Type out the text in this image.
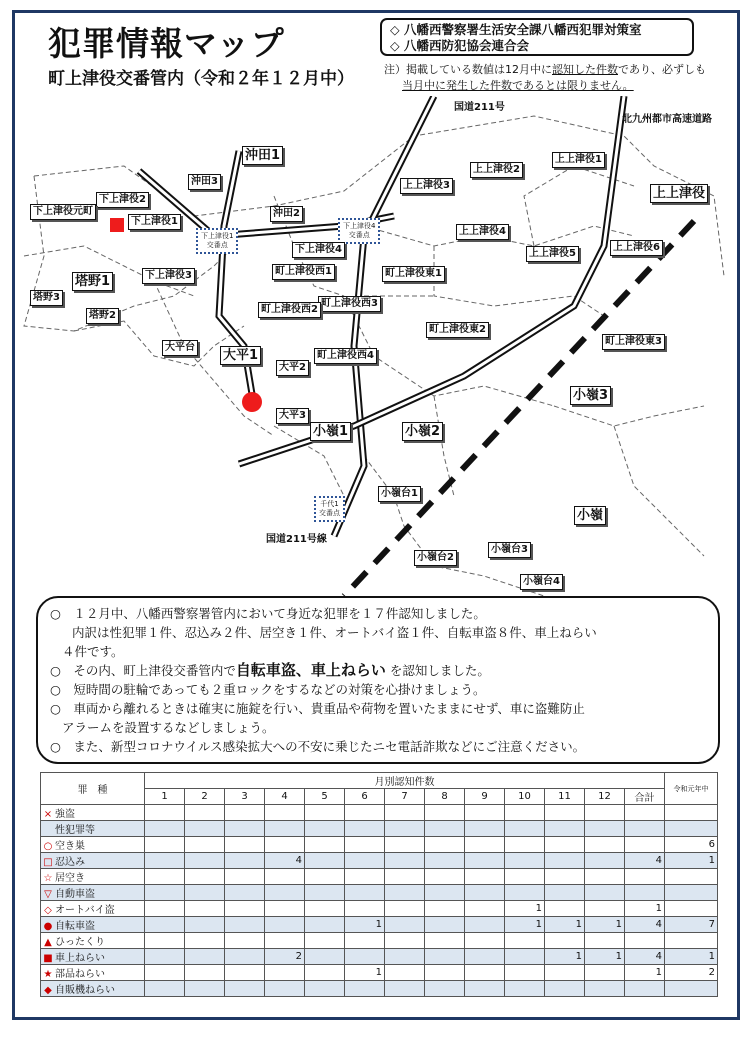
犯罪情報マップ
町上津役交番管内（令和２年１２月中）
◇ 八幡西警察署生活安全課八幡西犯罪対策室
◇ 八幡西防犯協会連合会
注）掲載している数値は12月中に認知した件数であり、必ずしも
当月中に発生した件数であるとは限りません。
国道211号
国道211号線
北九州都市高速道路
下上津役1
交番点
下上津役4
交番点
千代1
交番点
沖田1
沖田3
沖田2
下上津役2
下上津役元町
下上津役1
上上津役3
上上津役2
上上津役1
上上津役
上上津役4
下上津役4	上上津役5
上上津役6
町上津役西1	町上津役東1
塔野1
塔野3
下上津役3
町上津役西3
町上津役西2
塔野2
町上津役東2
町上津役東3
大平台
大平1	町上津役西4
大平2
小嶺3
大平3
小嶺1	小嶺2
小嶺台1
小嶺
小嶺台2
小嶺台3
小嶺台4

○　１２月中、八幡西警察署管内において身近な犯罪を１７件認知しました。

内訳は性犯罪１件、忍込み２件、居空き１件、オートバイ盗１件、自転車盗８件、車上ねらい

４件です。

○　その内、町上津役交番管内で自転車盗、車上ねらい を認知しました。

○　短時間の駐輪であっても２重ロックをするなどの対策を心掛けましょう。

○　車両から離れるときは確実に施錠を行い、貴重品や荷物を置いたままにせず、車に盗難防止

アラームを設置するなどしましょう。

○　また、新型コロナウイルス感染拡大への不安に乗じたニセ電話詐欺などにご注意ください。

罪　種	月別認知件数													令和元年中
	1	2	3	4	5	6	7	8	9	10	11	12	合計	
× 強盗														
性犯罪等														
○ 空き巣														6
□ 忍込み				4									4	1
☆ 居空き														
▽ 自動車盗														
◇ オートバイ盗										1			1	
● 自転車盗						1				1	1	1	4	7
▲ ひったくり														
■ 車上ねらい				2							1	1	4	1
★ 部品ねらい						1							1	2
◆ 自販機ねらい														
